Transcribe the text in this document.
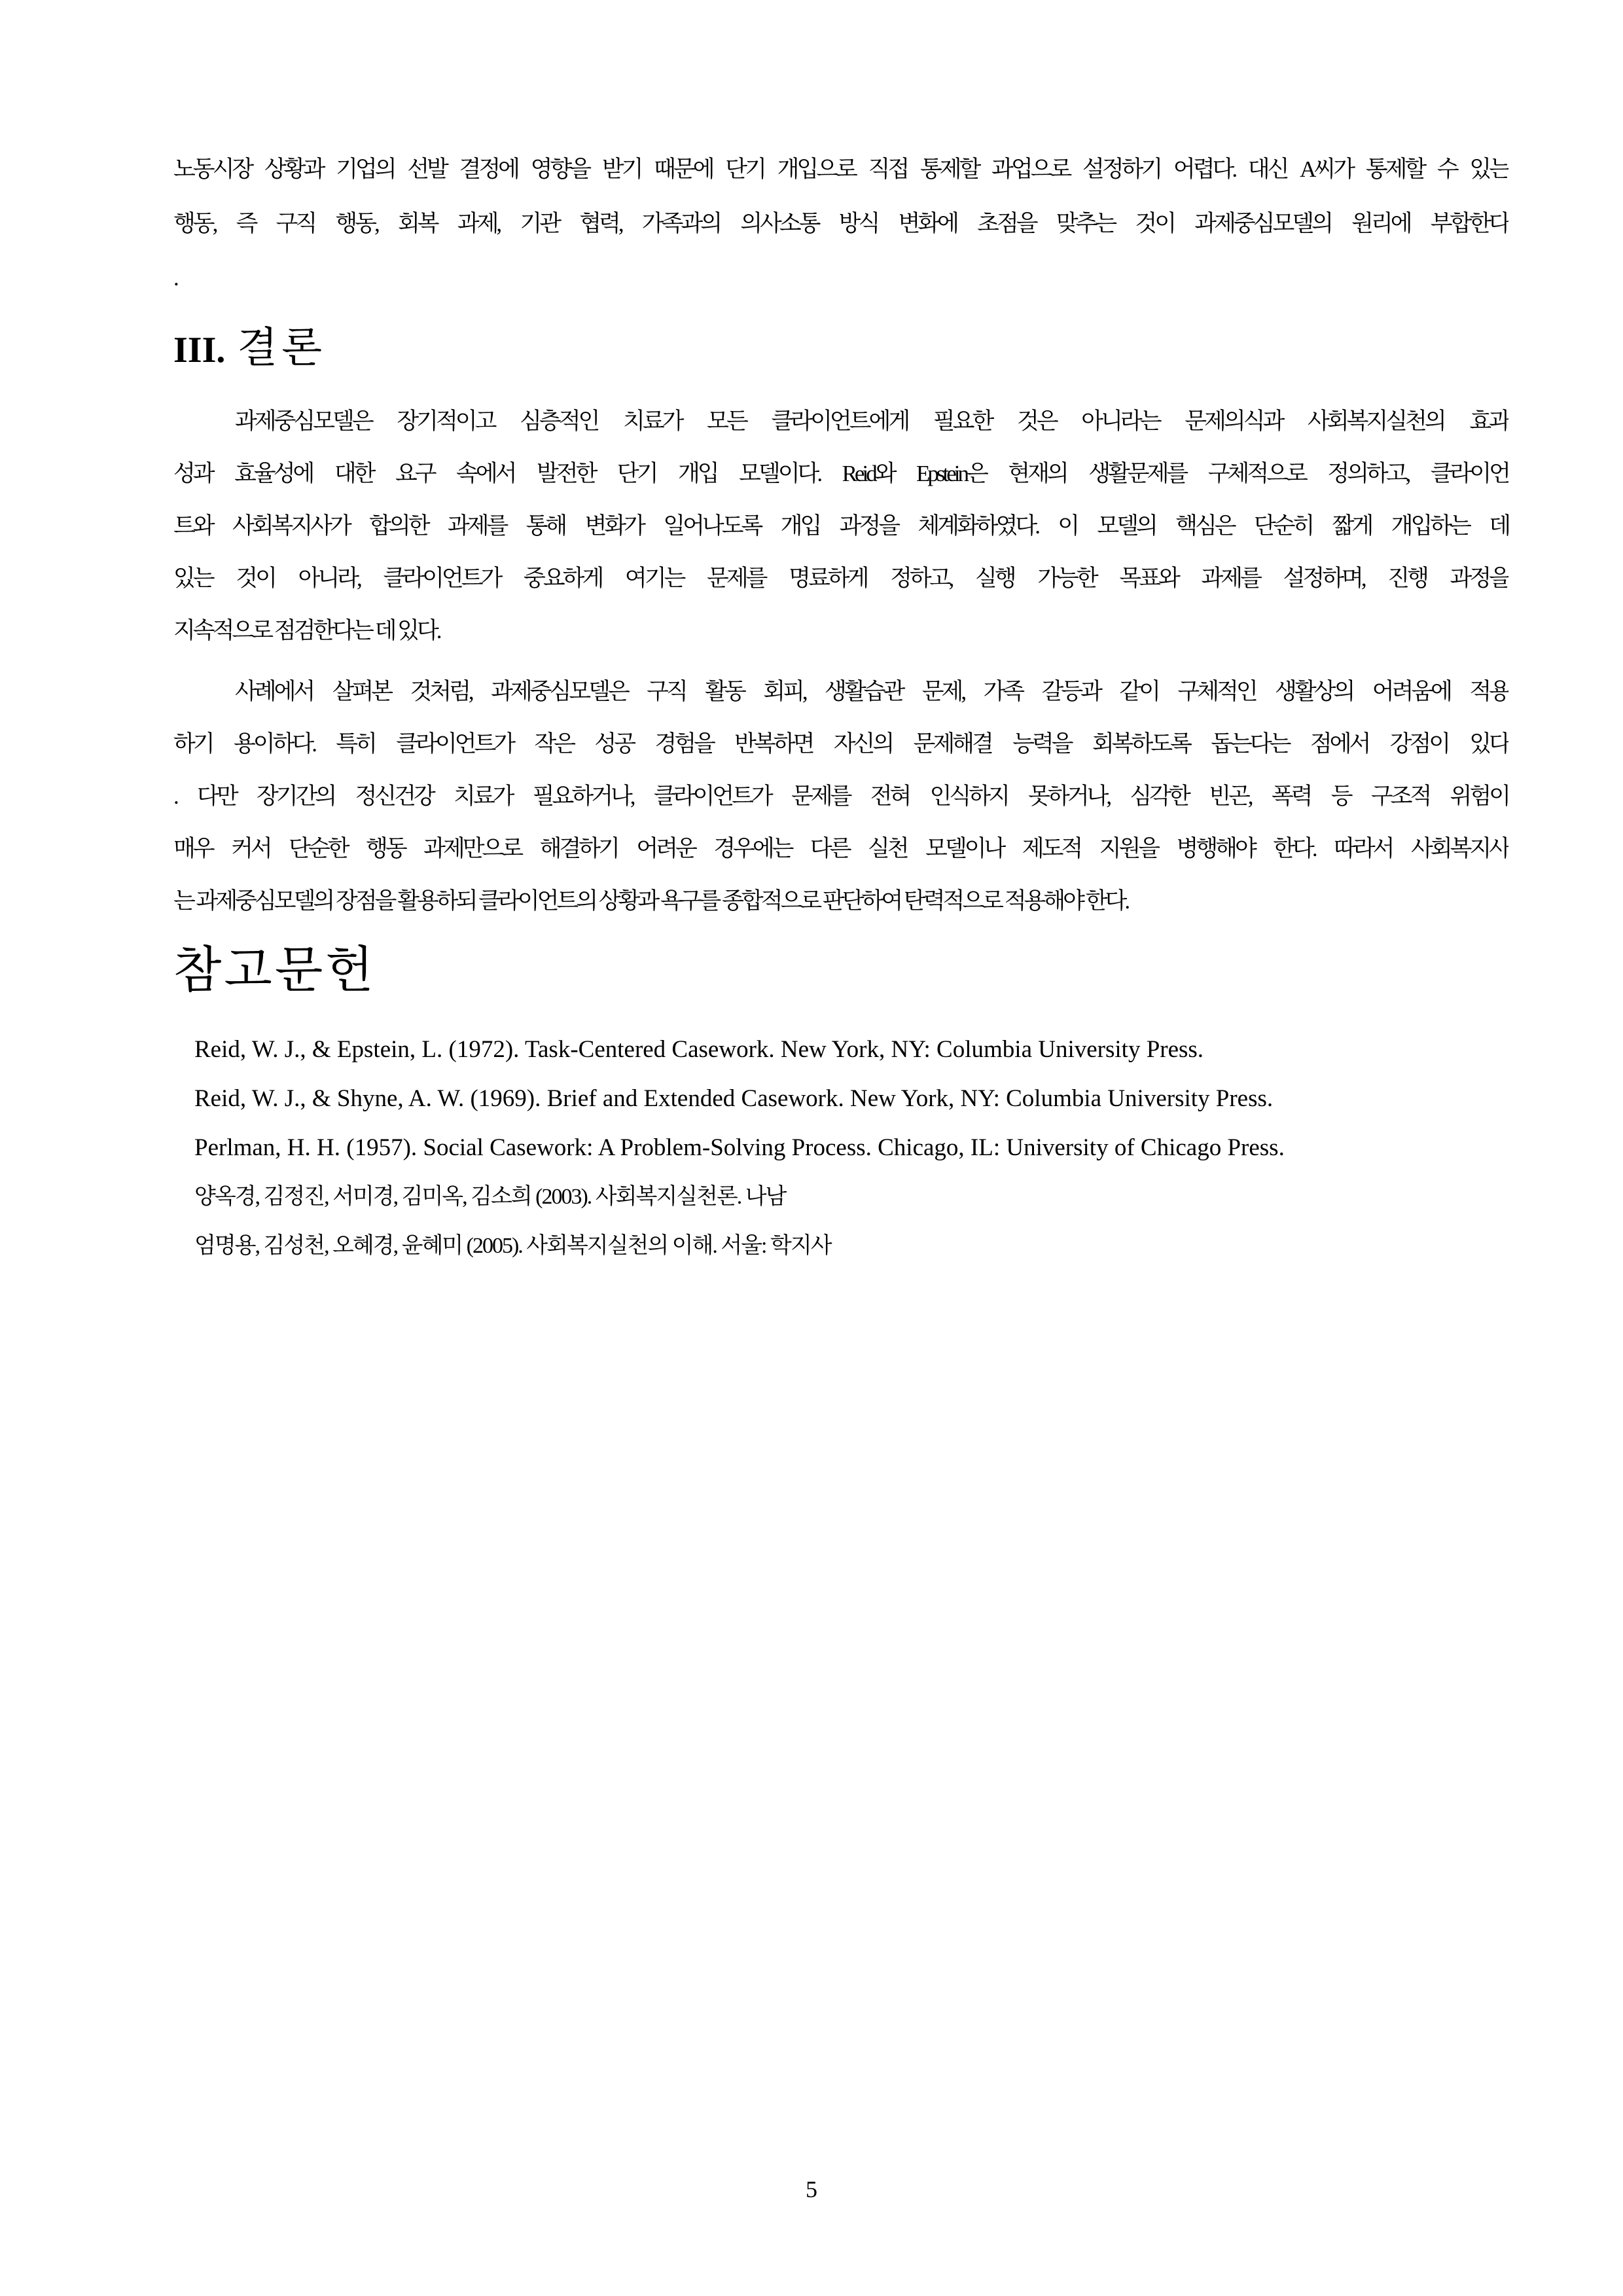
노동시장 상황과 기업의 선발 결정에 영향을 받기 때문에 단기 개입으로 직접 통제할 과업으로 설정하기 어렵다. 대신 A씨가 통제할 수 있는
행동, 즉 구직 행동, 회복 과제, 기관 협력, 가족과의 의사소통 방식 변화에 초점을 맞추는 것이 과제중심모델의 원리에 부합한다
.
III. 결론
과제중심모델은 장기적이고 심층적인 치료가 모든 클라이언트에게 필요한 것은 아니라는 문제의식과 사회복지실천의 효과
성과 효율성에 대한 요구 속에서 발전한 단기 개입 모델이다. Reid와 Epstein은 현재의 생활문제를 구체적으로 정의하고, 클라이언
트와 사회복지사가 합의한 과제를 통해 변화가 일어나도록 개입 과정을 체계화하였다. 이 모델의 핵심은 단순히 짧게 개입하는 데
있는 것이 아니라, 클라이언트가 중요하게 여기는 문제를 명료하게 정하고, 실행 가능한 목표와 과제를 설정하며, 진행 과정을
지속적으로 점검한다는 데 있다.
사례에서 살펴본 것처럼, 과제중심모델은 구직 활동 회피, 생활습관 문제, 가족 갈등과 같이 구체적인 생활상의 어려움에 적용
하기 용이하다. 특히 클라이언트가 작은 성공 경험을 반복하면 자신의 문제해결 능력을 회복하도록 돕는다는 점에서 강점이 있다
. 다만 장기간의 정신건강 치료가 필요하거나, 클라이언트가 문제를 전혀 인식하지 못하거나, 심각한 빈곤, 폭력 등 구조적 위험이
매우 커서 단순한 행동 과제만으로 해결하기 어려운 경우에는 다른 실천 모델이나 제도적 지원을 병행해야 한다. 따라서 사회복지사
는 과제중심모델의 장점을 활용하되 클라이언트의 상황과 욕구를 종합적으로 판단하여 탄력적으로 적용해야 한다.
참고문헌
Reid, W. J., & Epstein, L. (1972). Task-Centered Casework. New York, NY: Columbia University Press.
Reid, W. J., & Shyne, A. W. (1969). Brief and Extended Casework. New York, NY: Columbia University Press.
Perlman, H. H. (1957). Social Casework: A Problem-Solving Process. Chicago, IL: University of Chicago Press.
양옥경, 김정진, 서미경, 김미옥, 김소희 (2003). 사회복지실천론. 나남
엄명용, 김성천, 오혜경, 윤혜미 (2005). 사회복지실천의 이해. 서울: 학지사
5
